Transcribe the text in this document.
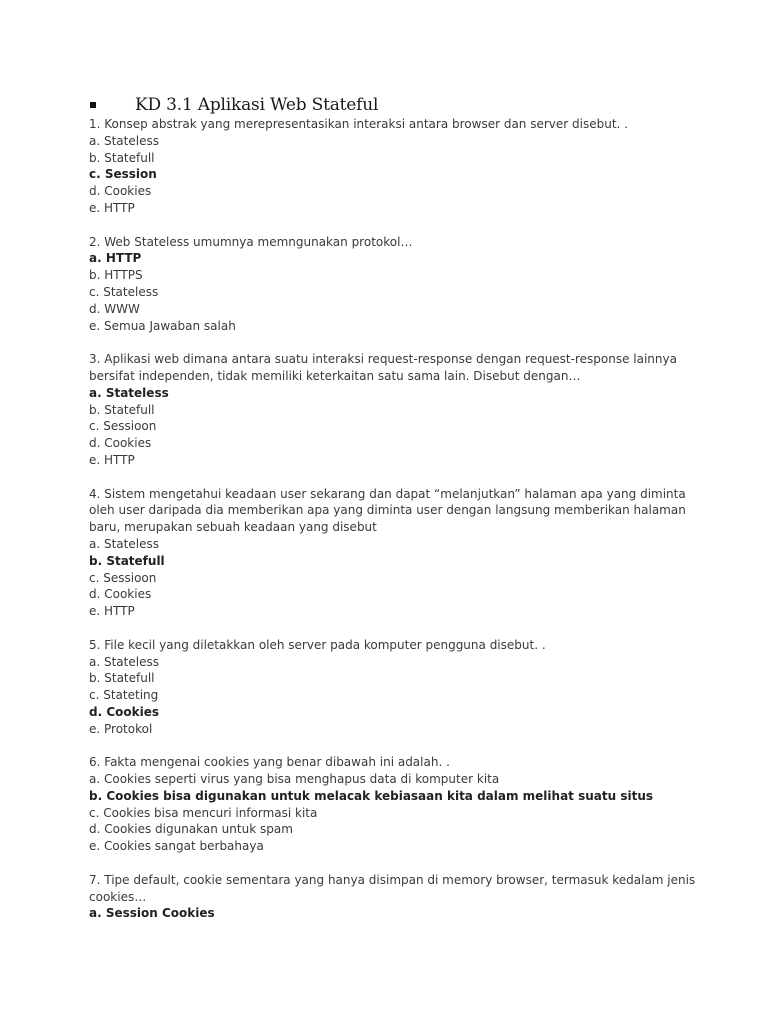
KD 3.1 Aplikasi Web Stateful
1. Konsep abstrak yang merepresentasikan interaksi antara browser dan server disebut. .
a. Stateless
b. Statefull
c. Session
d. Cookies
e. HTTP
2. Web Stateless umumnya memngunakan protokol…
a. HTTP
b. HTTPS
c. Stateless
d. WWW
e. Semua Jawaban salah
3. Aplikasi web dimana antara suatu interaksi request-response dengan request-response lainnya bersifat independen, tidak memiliki keterkaitan satu sama lain. Disebut dengan…
a. Stateless
b. Statefull
c. Sessioon
d. Cookies
e. HTTP
4. Sistem mengetahui keadaan user sekarang dan dapat “melanjutkan” halaman apa yang diminta oleh user daripada dia memberikan apa yang diminta user dengan langsung memberikan halaman baru, merupakan sebuah keadaan yang disebut
a. Stateless
b. Statefull
c. Sessioon
d. Cookies
e. HTTP
5. File kecil yang diletakkan oleh server pada komputer pengguna disebut. .
a. Stateless
b. Statefull
c. Stateting
d. Cookies
e. Protokol
6. Fakta mengenai cookies yang benar dibawah ini adalah. .
a. Cookies seperti virus yang bisa menghapus data di komputer kita
b. Cookies bisa digunakan untuk melacak kebiasaan kita dalam melihat suatu situs
c. Cookies bisa mencuri informasi kita
d. Cookies digunakan untuk spam
e. Cookies sangat berbahaya
7. Tipe default, cookie sementara yang hanya disimpan di memory browser, termasuk kedalam jenis cookies…
a. Session Cookies
